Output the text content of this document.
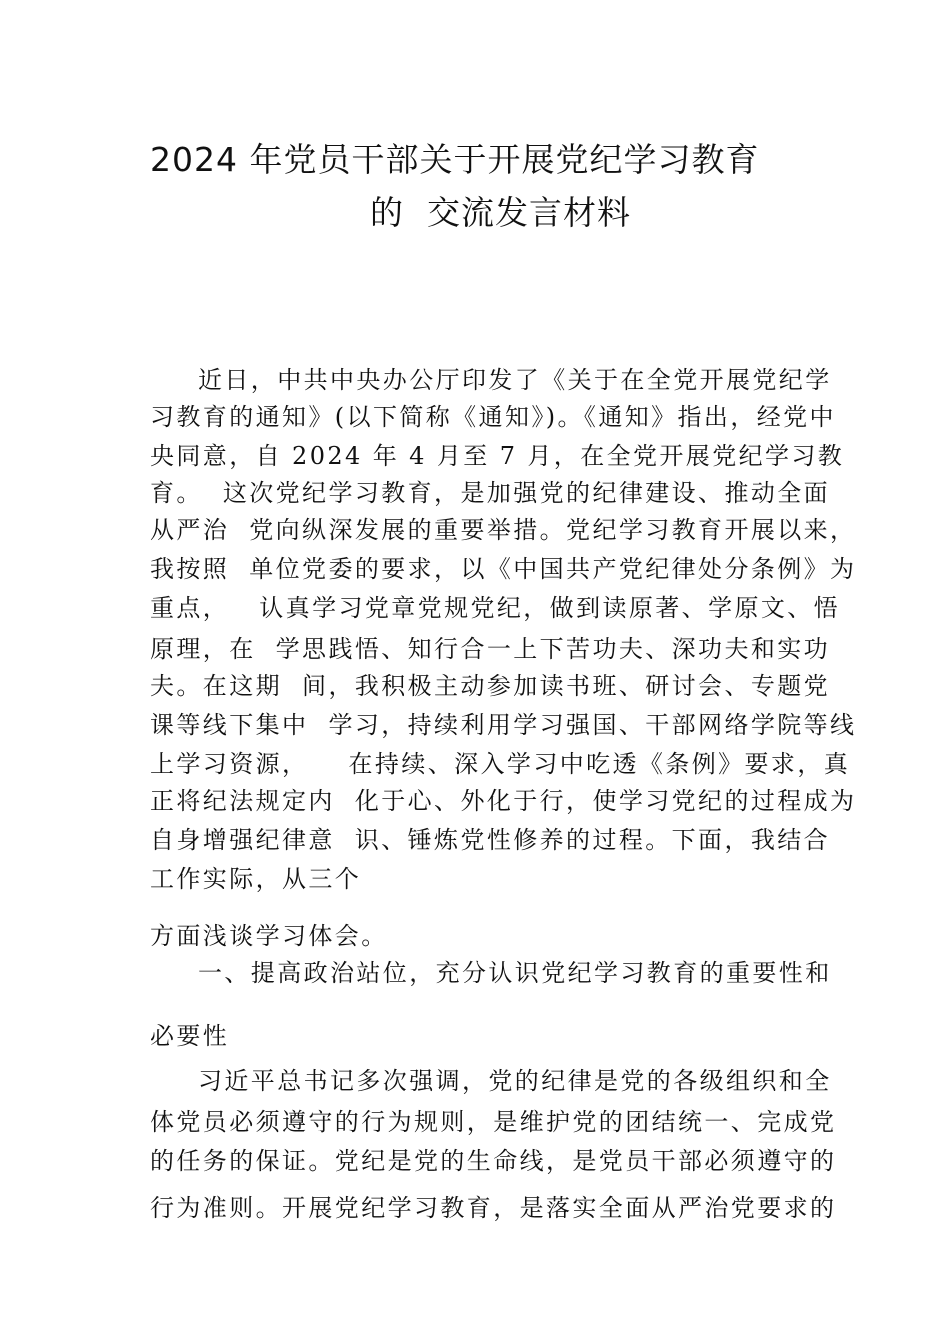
2024 年党员干部关于开展党纪学习教育
的  交流发言材料
近日，中共中央办公厅印发了《关于在全党开展党纪学
习教育的通知》(以下简称《通知》)。《通知》指出，经党中
央同意，自 2024 年 4 月至 7 月，在全党开展党纪学习教
育。  这次党纪学习教育，是加强党的纪律建设、推动全面
从严治  党向纵深发展的重要举措。党纪学习教育开展以来，
我按照  单位党委的要求，以《中国共产党纪律处分条例》为
重点，   认真学习党章党规党纪，做到读原著、学原文、悟
原理，在  学思践悟、知行合一上下苦功夫、深功夫和实功
夫。在这期  间，我积极主动参加读书班、研讨会、专题党
课等线下集中  学习，持续利用学习强国、干部网络学院等线
上学习资源，    在持续、深入学习中吃透《条例》要求，真
正将纪法规定内  化于心、外化于行，使学习党纪的过程成为
自身增强纪律意  识、锤炼党性修养的过程。下面，我结合
工作实际，从三个
方面浅谈学习体会。
一、提高政治站位，充分认识党纪学习教育的重要性和
必要性
习近平总书记多次强调，党的纪律是党的各级组织和全
体党员必须遵守的行为规则，是维护党的团结统一、完成党
的任务的保证。党纪是党的生命线，是党员干部必须遵守的
行为准则。开展党纪学习教育，是落实全面从严治党要求的
